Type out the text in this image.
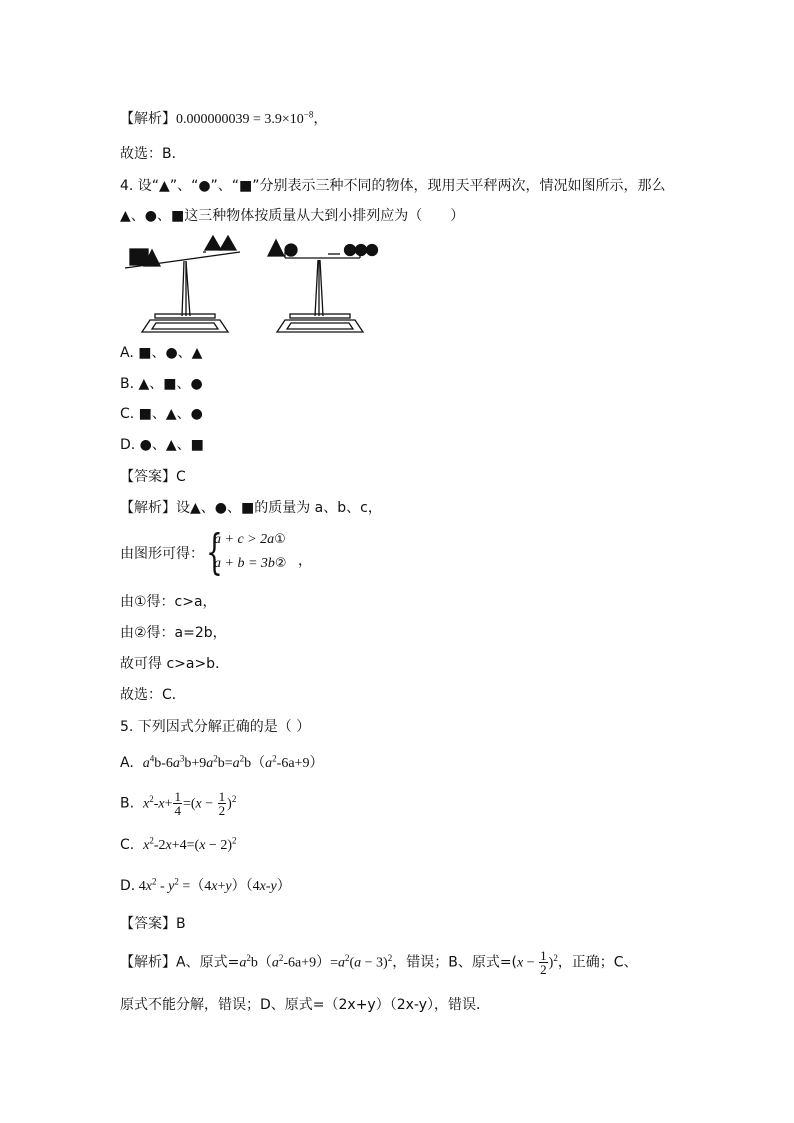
【解析】$0.000000039 = 3.9\times 10^{-8}$，
故选：B．
4. 设“▲”、“●”、“■”分别表示三种不同的物体，现用天平秤两次，情况如图所示，那么
▲、●、■这三种物体按质量从大到小排列应为（　　）
A. ■、●、▲
B. ▲、■、●
C. ■、▲、●
D. ●、▲、■
【答案】C
【解析】设▲、●、■的质量为 a、b、c，
由图形可得： {
a + c > 2a①
a + b = 3b② ，
由①得：c>a，
由②得：a=2b，
故可得 c>a>b．
故选：C．
5. 下列因式分解正确的是（ ）
A. $a^4b-6a^3b+9a^2b=a^2b(a^2-6a+9)$
B. $x^2-x+ \frac{1}{4} =(x - \frac{1}{2} )^2$
C. $x^2-2x+4=(x - 2)^2$
D. $4x^2 - y^2 =(4x+y)(4x-y)$
【答案】B
【解析】A、原式$=a^2b(a^2-6a+9)=a^2(a - 3)^2$，错误；B、原式$=(x - \frac{1}{2} )^2$，正确；C、
原式不能分解，错误；D、原式=（2x+y）（2x-y），错误．
